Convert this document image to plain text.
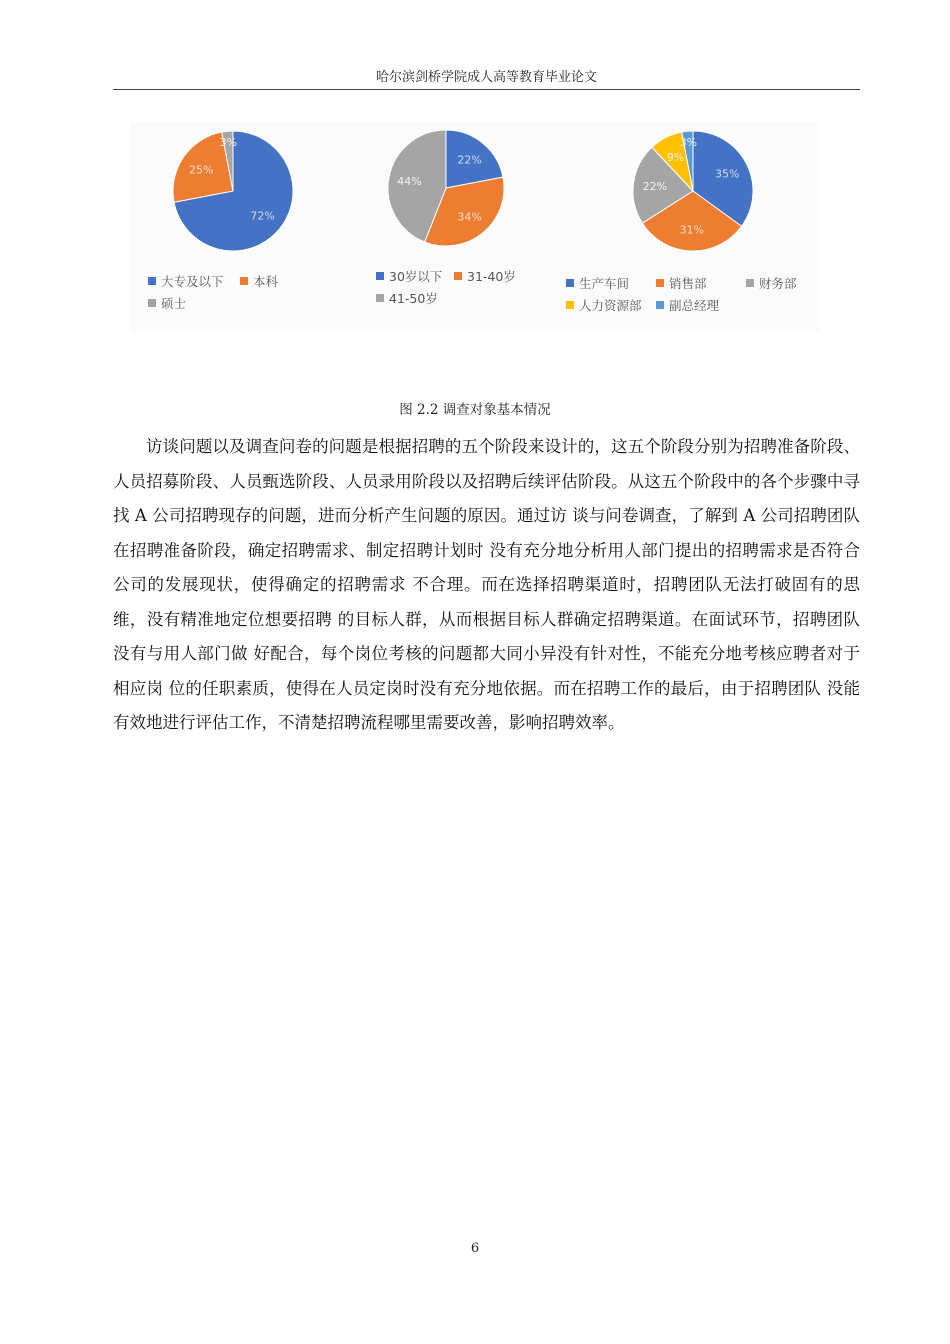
哈尔滨剑桥学院成人高等教育毕业论文
72%
25%
3%
大专及以下	本科
硕士
22%
34%
44%
30岁以下	31-40岁
41-50岁
35%
31%
22%
9%
3%
生产车间	销售部	财务部
人力资源部	副总经理
图 2.2 调查对象基本情况

访谈问题以及调查问卷的问题是根据招聘的五个阶段来设计的，这五个阶段分别为招聘准备阶段、人员招募阶段、人员甄选阶段、人员录用阶段以及招聘后续评估阶段。从这五个阶段中的各个步骤中寻找 A 公司招聘现存的问题，进而分析产生问题的原因。通过访 谈与问卷调查，了解到 A 公司招聘团队在招聘准备阶段，确定招聘需求、制定招聘计划时 没有充分地分析用人部门提出的招聘需求是否符合公司的发展现状，使得确定的招聘需求 不合理。而在选择招聘渠道时，招聘团队无法打破固有的思维，没有精准地定位想要招聘 的目标人群，从而根据目标人群确定招聘渠道。在面试环节，招聘团队没有与用人部门做 好配合，每个岗位考核的问题都大同小异没有针对性，不能充分地考核应聘者对于相应岗 位的任职素质，使得在人员定岗时没有充分地依据。而在招聘工作的最后，由于招聘团队 没能有效地进行评估工作，不清楚招聘流程哪里需要改善，影响招聘效率。

6
